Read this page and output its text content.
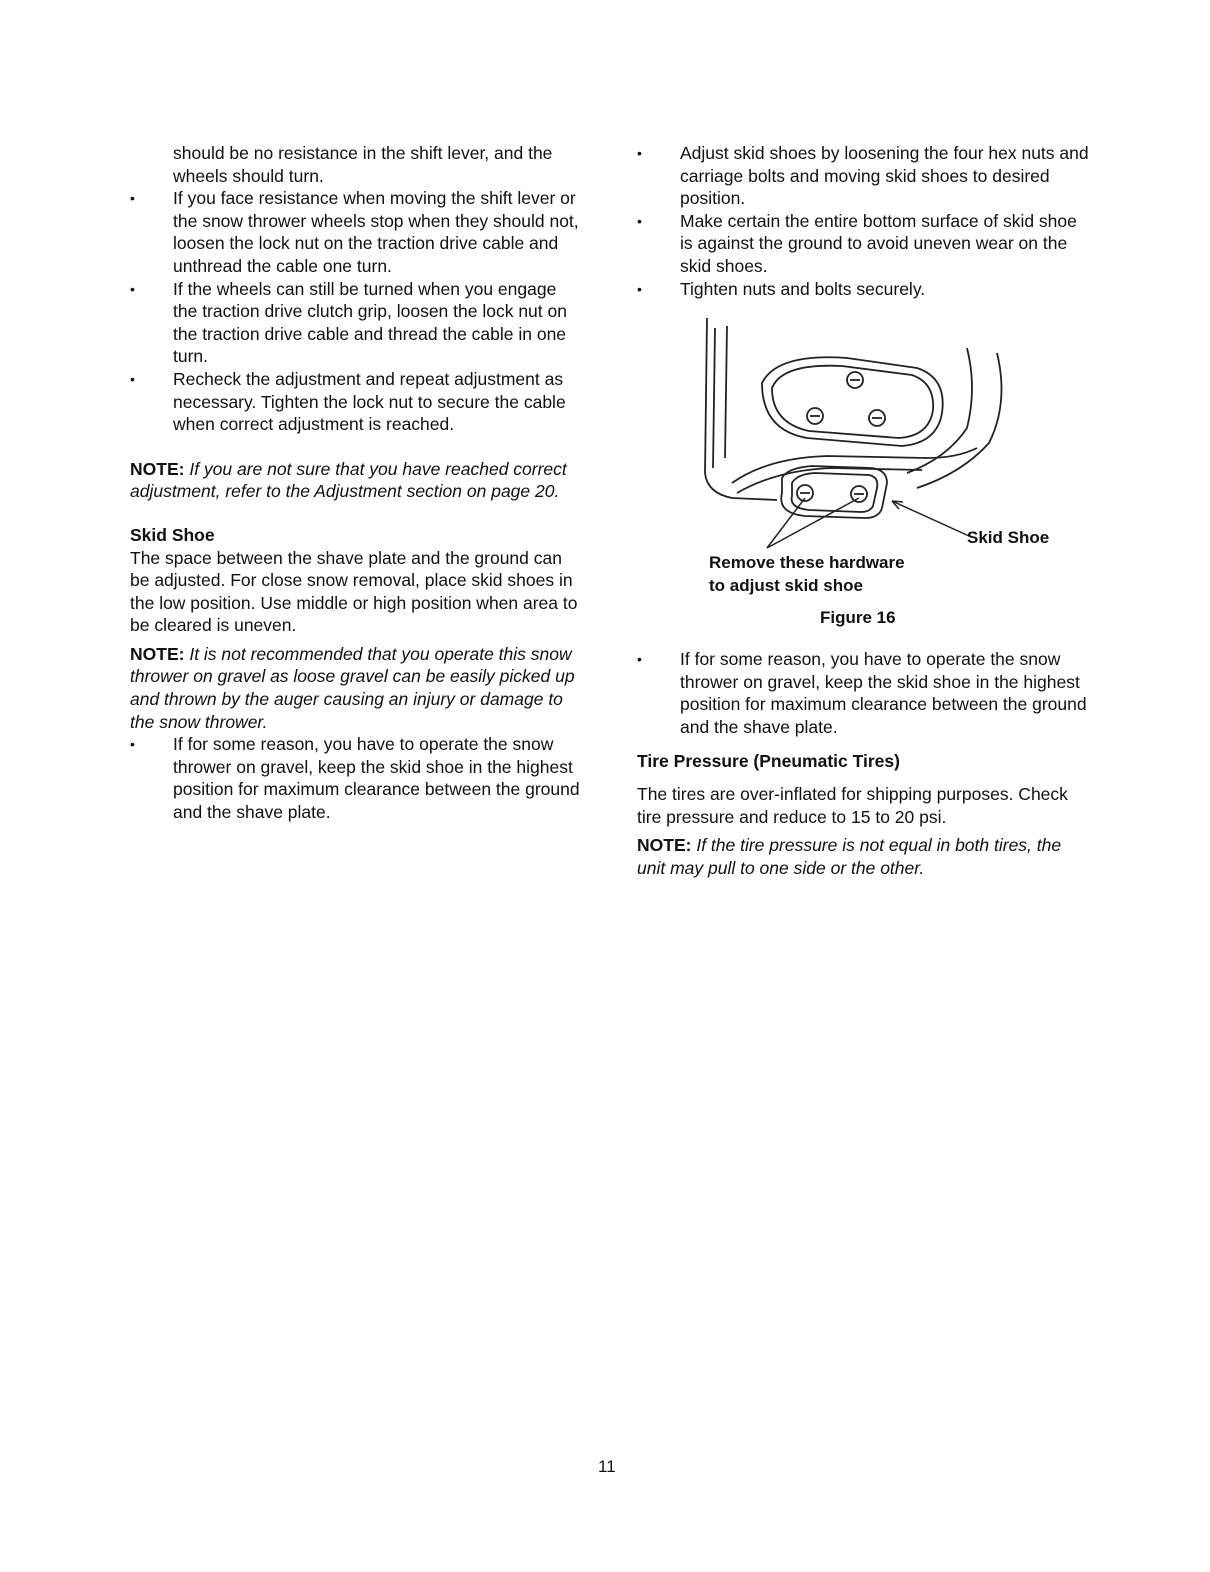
should be no resistance in the shift lever, and the wheels should turn.

• If you face resistance when moving the shift lever or the snow thrower wheels stop when they should not, loosen the lock nut on the traction drive cable and unthread the cable one turn.
• If the wheels can still be turned when you engage the traction drive clutch grip, loosen the lock nut on the traction drive cable and thread the cable in one turn.
• Recheck the adjustment and repeat adjustment as necessary. Tighten the lock nut to secure the cable when correct adjustment is reached.

NOTE: If you are not sure that you have reached correct adjustment, refer to the Adjustment section on page 20.

Skid Shoe

The space between the shave plate and the ground can be adjusted. For close snow removal, place skid shoes in the low position. Use middle or high position when area to be cleared is uneven.

NOTE: It is not recommended that you operate this snow thrower on gravel as loose gravel can be easily picked up and thrown by the auger causing an injury or damage to the snow thrower.

• If for some reason, you have to operate the snow thrower on gravel, keep the skid shoe in the highest position for maximum clearance between the ground and the shave plate.
• Adjust skid shoes by loosening the four hex nuts and carriage bolts and moving skid shoes to desired position.
• Make certain the entire bottom surface of skid shoe is against the ground to avoid uneven wear on the skid shoes.
• Tighten nuts and bolts securely.
Remove these hardware
to adjust skid shoe
Skid Shoe
Figure 16
• If for some reason, you have to operate the snow thrower on gravel, keep the skid shoe in the highest position for maximum clearance between the ground and the shave plate.
Tire Pressure (Pneumatic Tires)

The tires are over-inflated for shipping purposes. Check tire pressure and reduce to 15 to 20 psi.

NOTE: If the tire pressure is not equal in both tires, the unit may pull to one side or the other.

11
